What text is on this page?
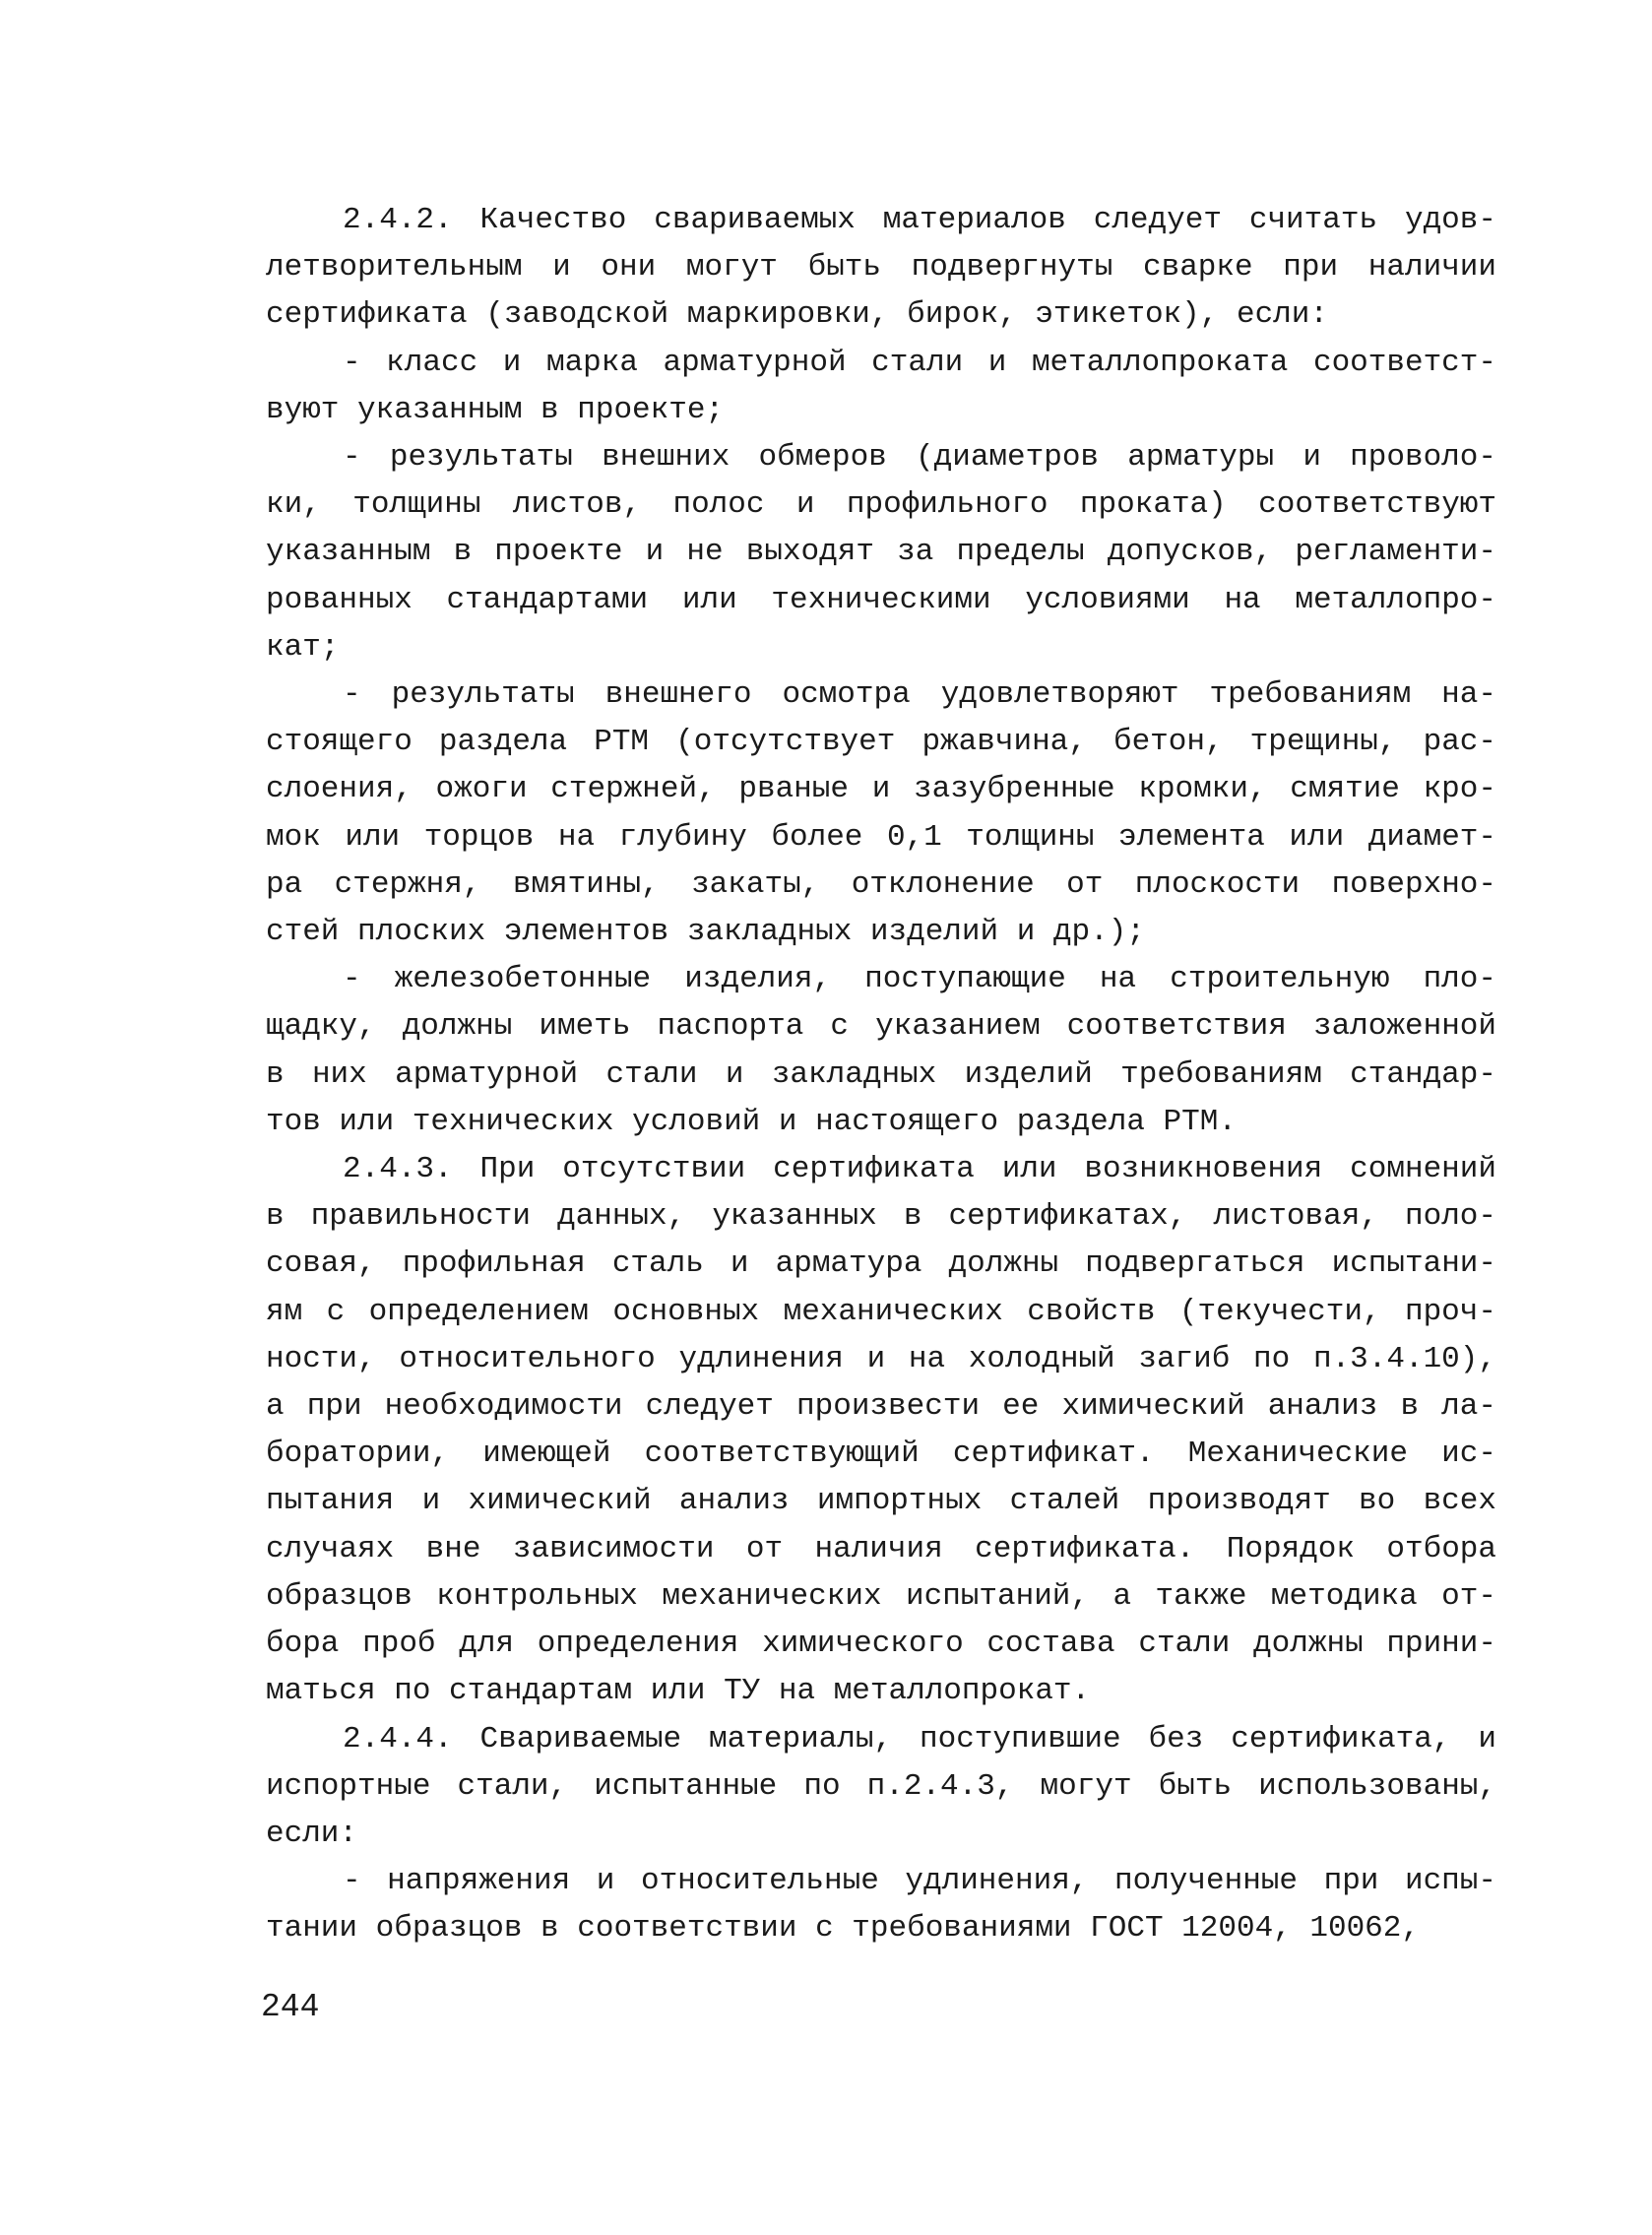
2.4.2. Качество свариваемых материалов следует считать удов-
летворительным и они могут быть подвергнуты сварке при наличии
сертификата (заводской маркировки, бирок, этикеток), если:
- класс и марка арматурной стали и металлопроката соответст-
вуют указанным в проекте;
- результаты внешних обмеров (диаметров арматуры и проволо-
ки, толщины листов, полос и профильного проката) соответствуют
указанным в проекте и не выходят за пределы допусков, регламенти-
рованных стандартами или техническими условиями на металлопро-
кат;
- результаты внешнего осмотра удовлетворяют требованиям на-
стоящего раздела РТМ (отсутствует ржавчина, бетон, трещины, рас-
слоения, ожоги стержней, рваные и зазубренные кромки, смятие кро-
мок или торцов на глубину более 0,1 толщины элемента или диамет-
ра стержня, вмятины, закаты, отклонение от плоскости поверхно-
стей плоских элементов закладных изделий и др.);
- железобетонные изделия, поступающие на строительную пло-
щадку, должны иметь паспорта с указанием соответствия заложенной
в них арматурной стали и закладных изделий требованиям стандар-
тов или технических условий и настоящего раздела РТМ.
2.4.3. При отсутствии сертификата или возникновения сомнений
в правильности данных, указанных в сертификатах, листовая, поло-
совая, профильная сталь и арматура должны подвергаться испытани-
ям с определением основных механических свойств (текучести, проч-
ности, относительного удлинения и на холодный загиб по п.3.4.10),
а при необходимости следует произвести ее химический анализ в ла-
боратории, имеющей соответствующий сертификат. Механические ис-
пытания и химический анализ импортных сталей производят во всех
случаях вне зависимости от наличия сертификата. Порядок отбора
образцов контрольных механических испытаний, а также методика от-
бора проб для определения химического состава стали должны прини-
маться по стандартам или ТУ на металлопрокат.
2.4.4. Свариваемые материалы, поступившие без сертификата, и
испортные стали, испытанные по п.2.4.3, могут быть использованы,
если:
- напряжения и относительные удлинения, полученные при испы-
тании образцов в соответствии с требованиями ГОСТ 12004, 10062,
244
